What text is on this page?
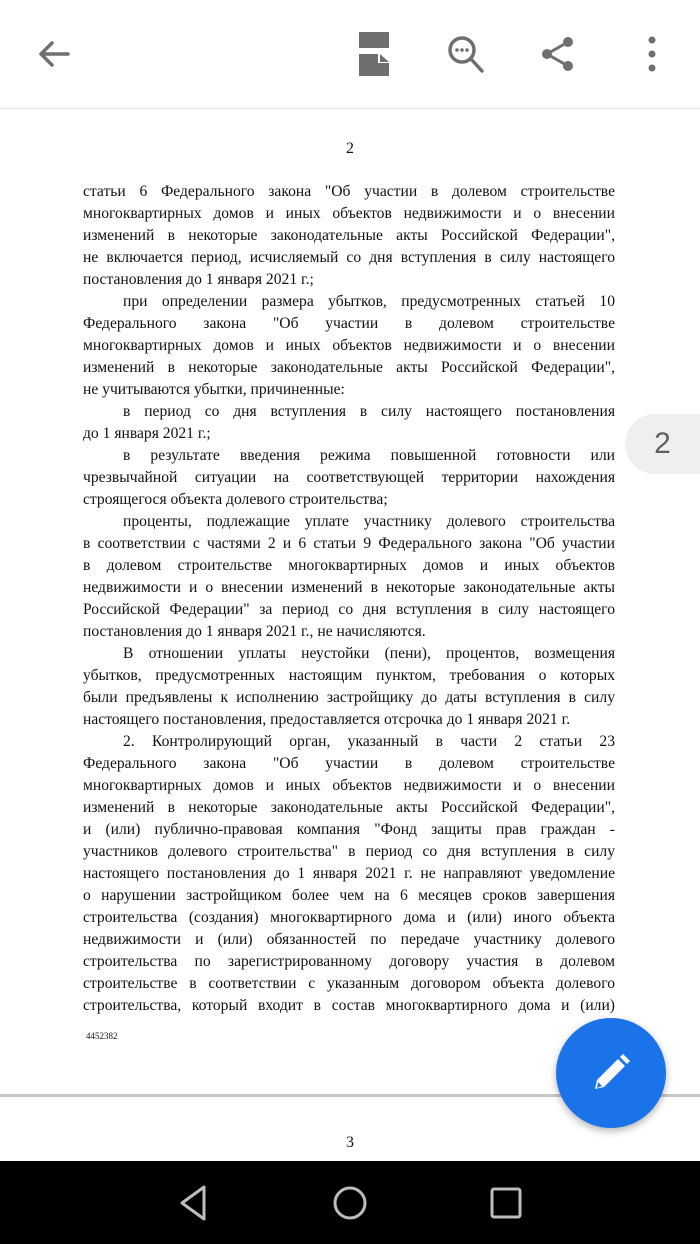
2

статьи 6 Федерального закона "Об участии в долевом строительстве

многоквартирных домов и иных объектов недвижимости и о внесении

изменений в некоторые законодательные акты Российской Федерации",

не включается период, исчисляемый со дня вступления в силу настоящего

постановления до 1 января 2021 г.;

при определении размера убытков, предусмотренных статьей 10

Федерального закона "Об участии в долевом строительстве

многоквартирных домов и иных объектов недвижимости и о внесении

изменений в некоторые законодательные акты Российской Федерации",

не учитываются убытки, причиненные:

в период со дня вступления в силу настоящего постановления

до 1 января 2021 г.;

в результате введения режима повышенной готовности или

чрезвычайной ситуации на соответствующей территории нахождения

строящегося объекта долевого строительства;

проценты, подлежащие уплате участнику долевого строительства

в соответствии с частями 2 и 6 статьи 9 Федерального закона "Об участии

в долевом строительстве многоквартирных домов и иных объектов

недвижимости и о внесении изменений в некоторые законодательные акты

Российской Федерации" за период со дня вступления в силу настоящего

постановления до 1 января 2021 г., не начисляются.

В отношении уплаты неустойки (пени), процентов, возмещения

убытков, предусмотренных настоящим пунктом, требования о которых

были предъявлены к исполнению застройщику до даты вступления в силу

настоящего постановления, предоставляется отсрочка до 1 января 2021 г.

2. Контролирующий орган, указанный в части 2 статьи 23

Федерального закона "Об участии в долевом строительстве

многоквартирных домов и иных объектов недвижимости и о внесении

изменений в некоторые законодательные акты Российской Федерации",

и (или) публично-правовая компания "Фонд защиты прав граждан -

участников долевого строительства" в период со дня вступления в силу

настоящего постановления до 1 января 2021 г. не направляют уведомление

о нарушении застройщиком более чем на 6 месяцев сроков завершения

строительства (создания) многоквартирного дома и (или) иного объекта

недвижимости и (или) обязанностей по передаче участнику долевого

строительства по зарегистрированному договору участия в долевом

строительстве в соответствии с указанным договором объекта долевого

строительства, который входит в состав многоквартирного дома и (или)

4452382
3
2
